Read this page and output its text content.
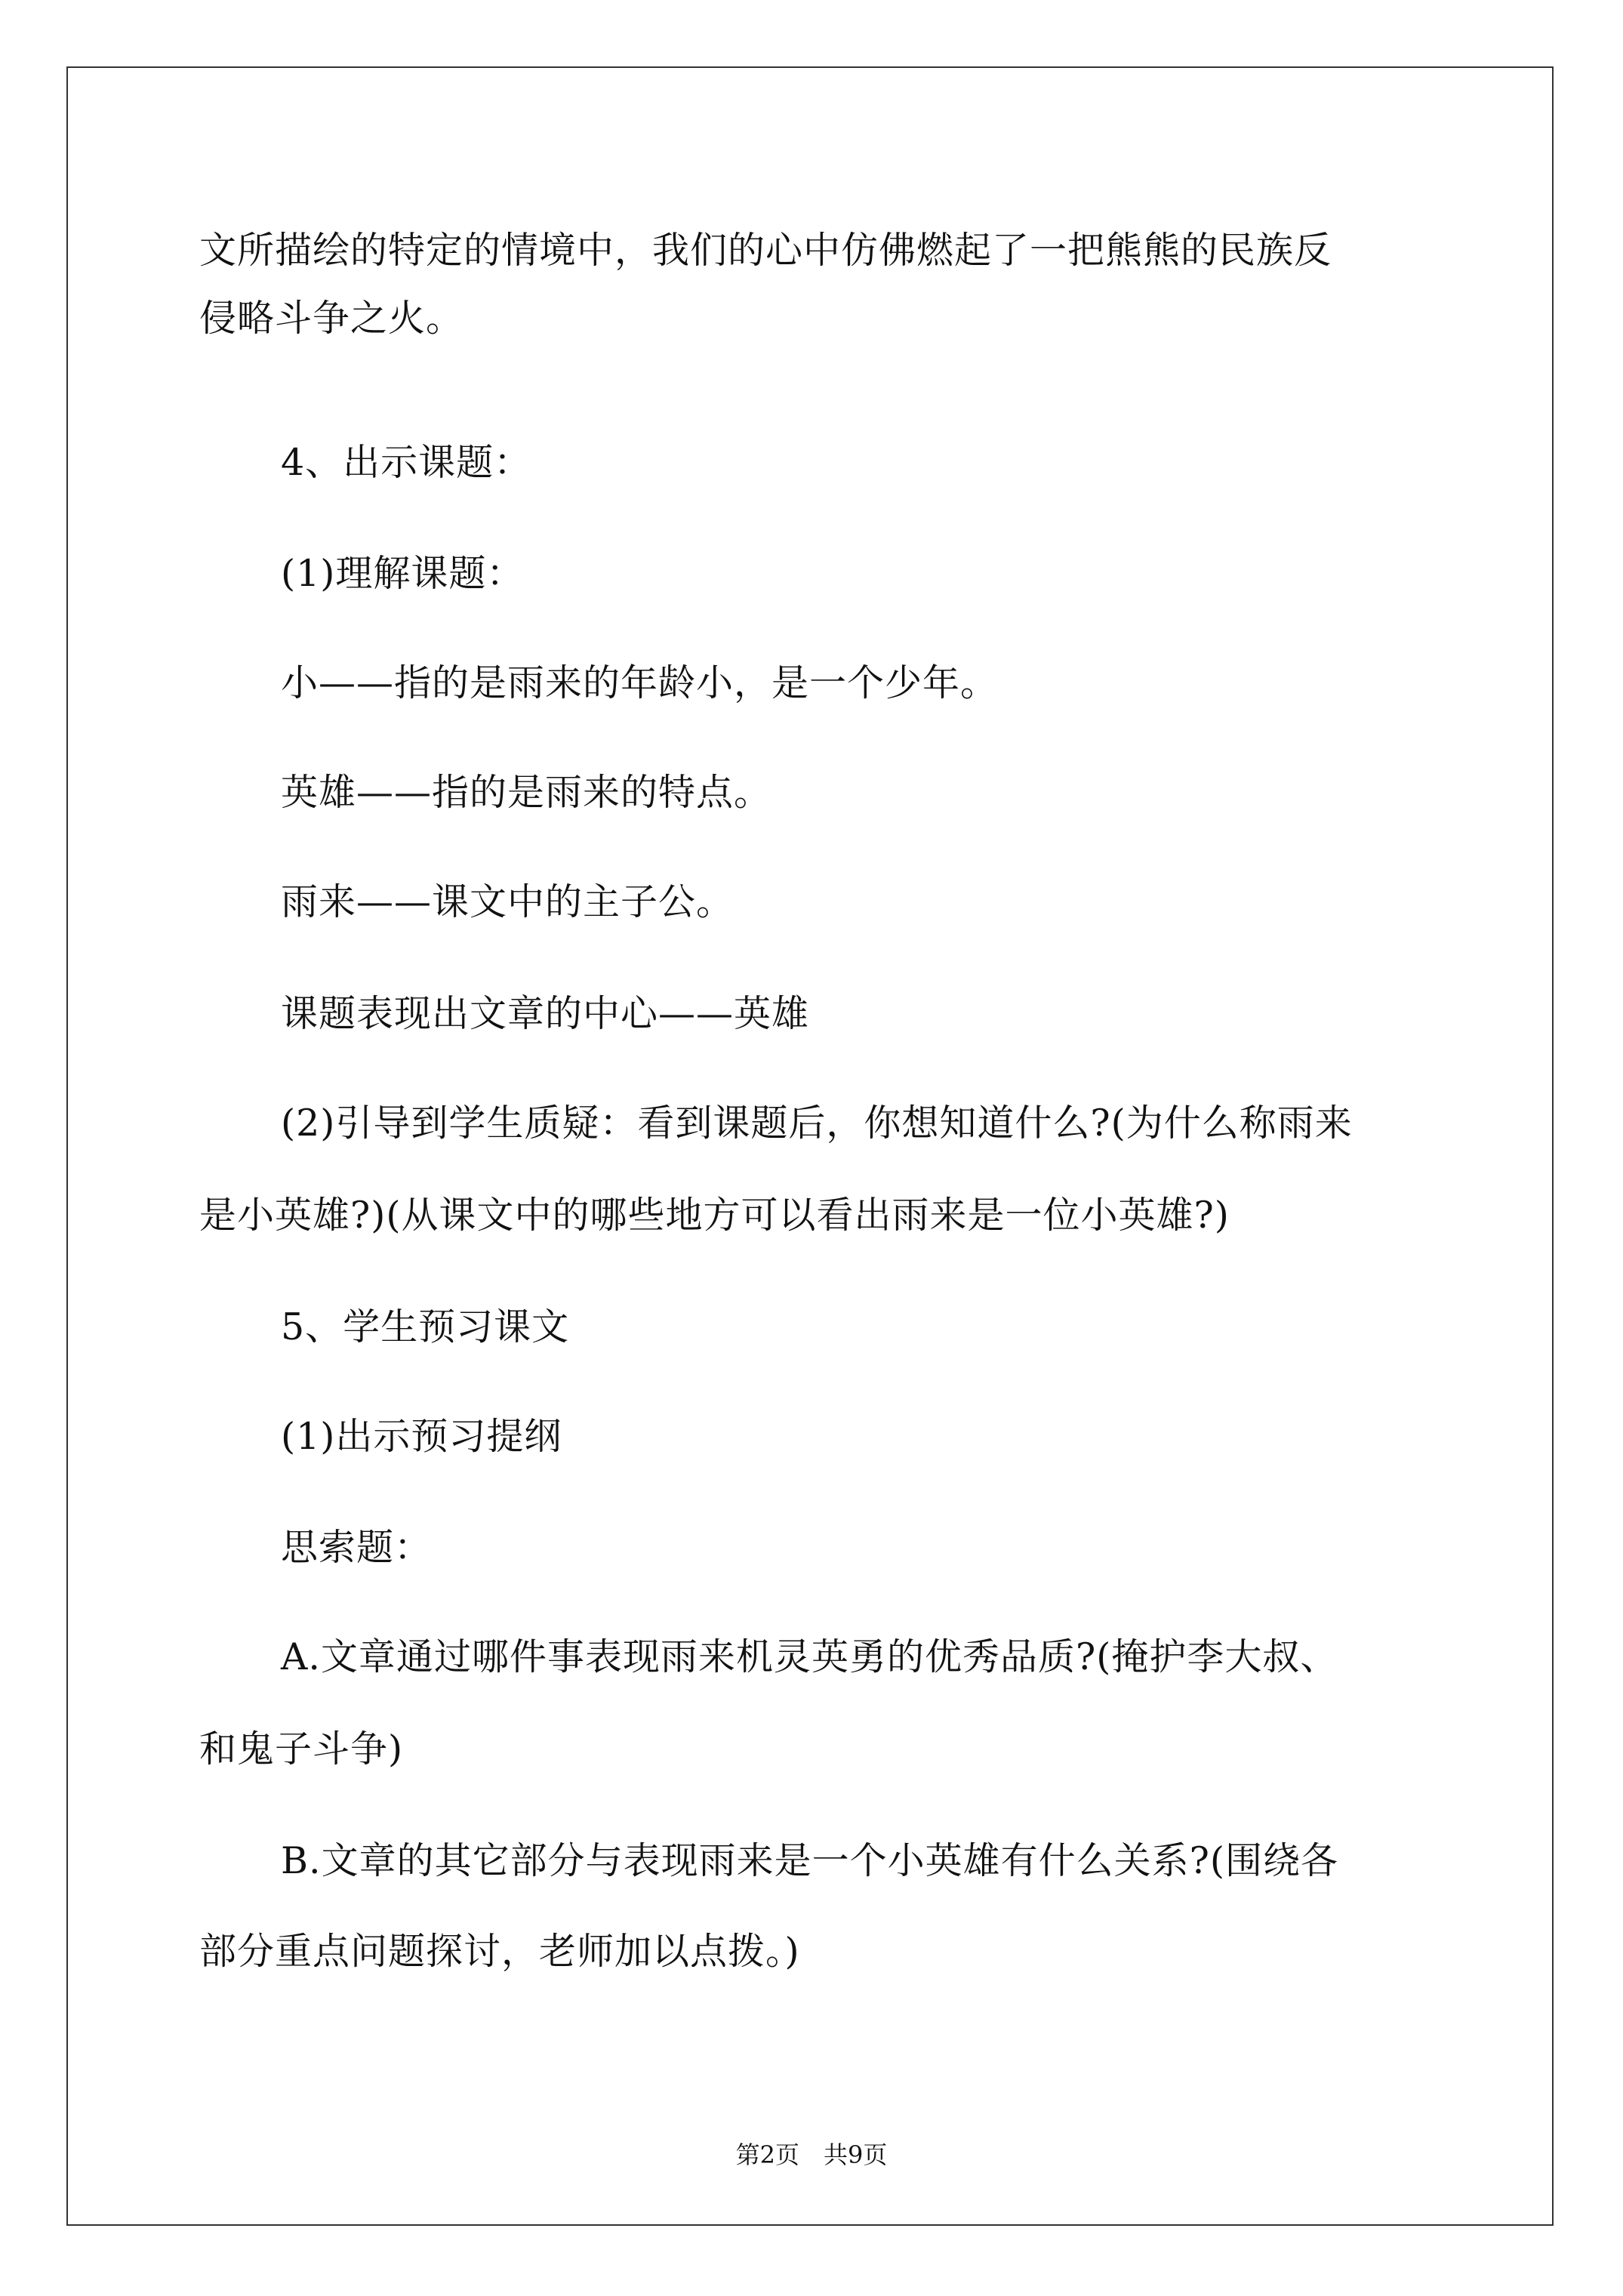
文所描绘的特定的情境中，我们的心中仿佛燃起了一把熊熊的民族反
侵略斗争之火。
4、出示课题：
(1)理解课题：
小——指的是雨来的年龄小，是一个少年。
英雄——指的是雨来的特点。
雨来——课文中的主子公。
课题表现出文章的中心——英雄
(2)引导到学生质疑：看到课题后，你想知道什么?(为什么称雨来
是小英雄?)(从课文中的哪些地方可以看出雨来是一位小英雄?)
5、学生预习课文
(1)出示预习提纲
思索题：
A.文章通过哪件事表现雨来机灵英勇的优秀品质?(掩护李大叔、
和鬼子斗争)
B.文章的其它部分与表现雨来是一个小英雄有什么关系?(围绕各
部分重点问题探讨，老师加以点拨。)
第2页　共9页
